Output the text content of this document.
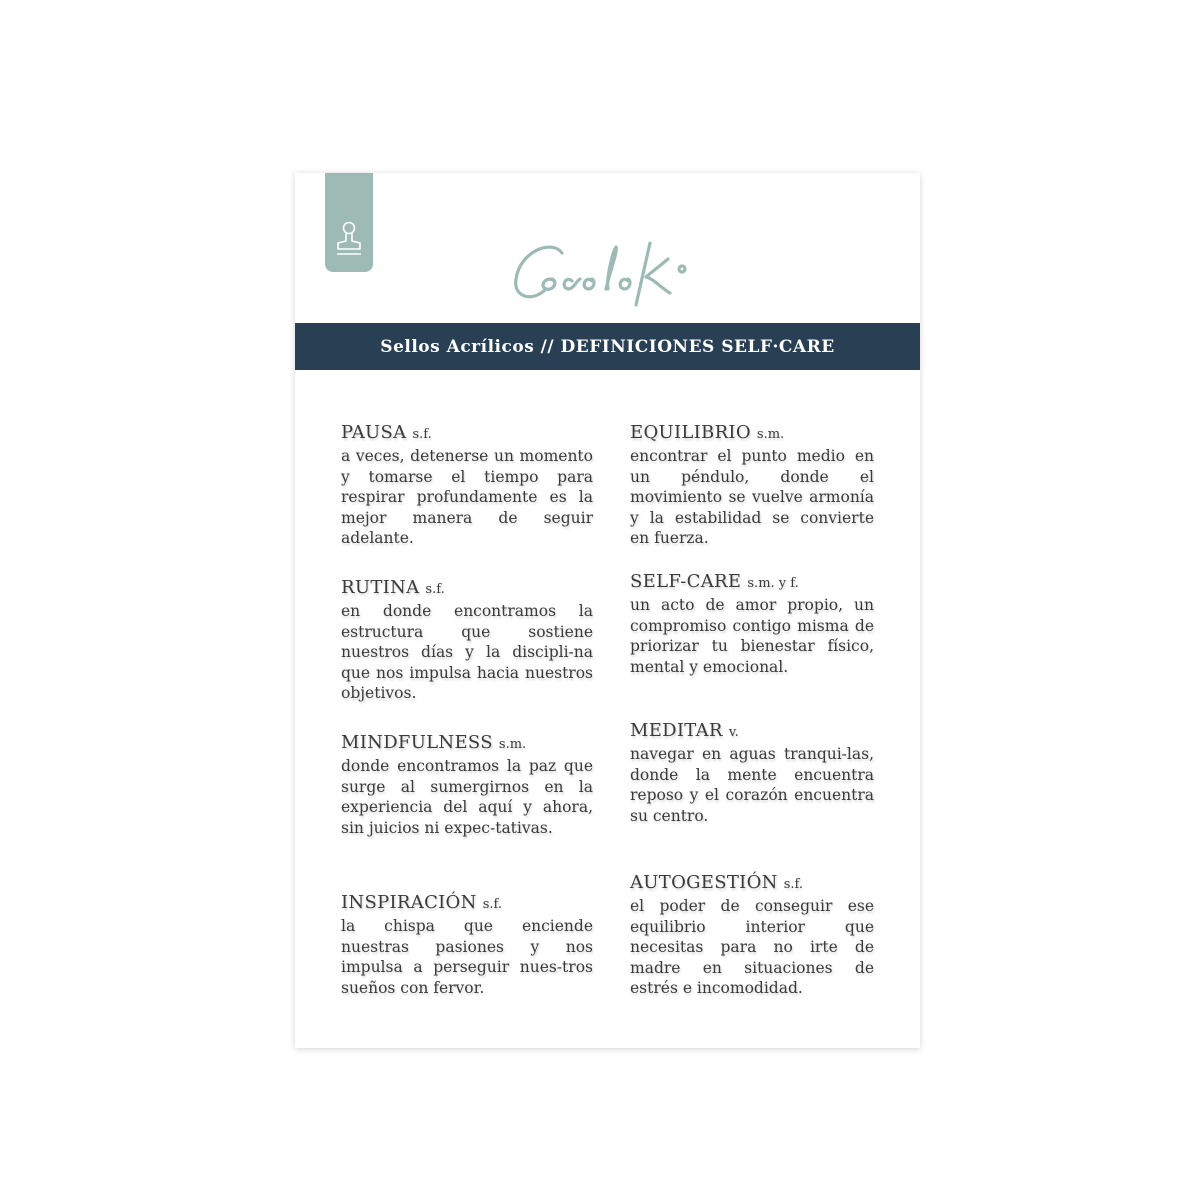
Sellos Acrílicos // DEFINICIONES SELF·CARE
PAUSA s.f.
a veces, detenerse un momento y tomarse el tiempo para respirar profundamente es la mejor manera de seguir adelante.
RUTINA s.f.
en donde encontramos la estructura que sostiene nuestros días y la discipli-na que nos impulsa hacia nuestros objetivos.
MINDFULNESS s.m.
donde encontramos la paz que surge al sumergirnos en la experiencia del aquí y ahora, sin juicios ni expec-tativas.
INSPIRACIÓN s.f.
la chispa que enciende nuestras pasiones y nos impulsa a perseguir nues-tros sueños con fervor.
EQUILIBRIO s.m.
encontrar el punto medio en un péndulo, donde el movimiento se vuelve armonía y la estabilidad se convierte en fuerza.
SELF-CARE s.m. y f.
un acto de amor propio, un compromiso contigo misma de priorizar tu bienestar físico, mental y emocional.
MEDITAR v.
navegar en aguas tranqui-las, donde la mente encuentra reposo y el corazón encuentra su centro.
AUTOGESTIÓN s.f.
el poder de conseguir ese equilibrio interior que necesitas para no irte de madre en situaciones de estrés e incomodidad.
